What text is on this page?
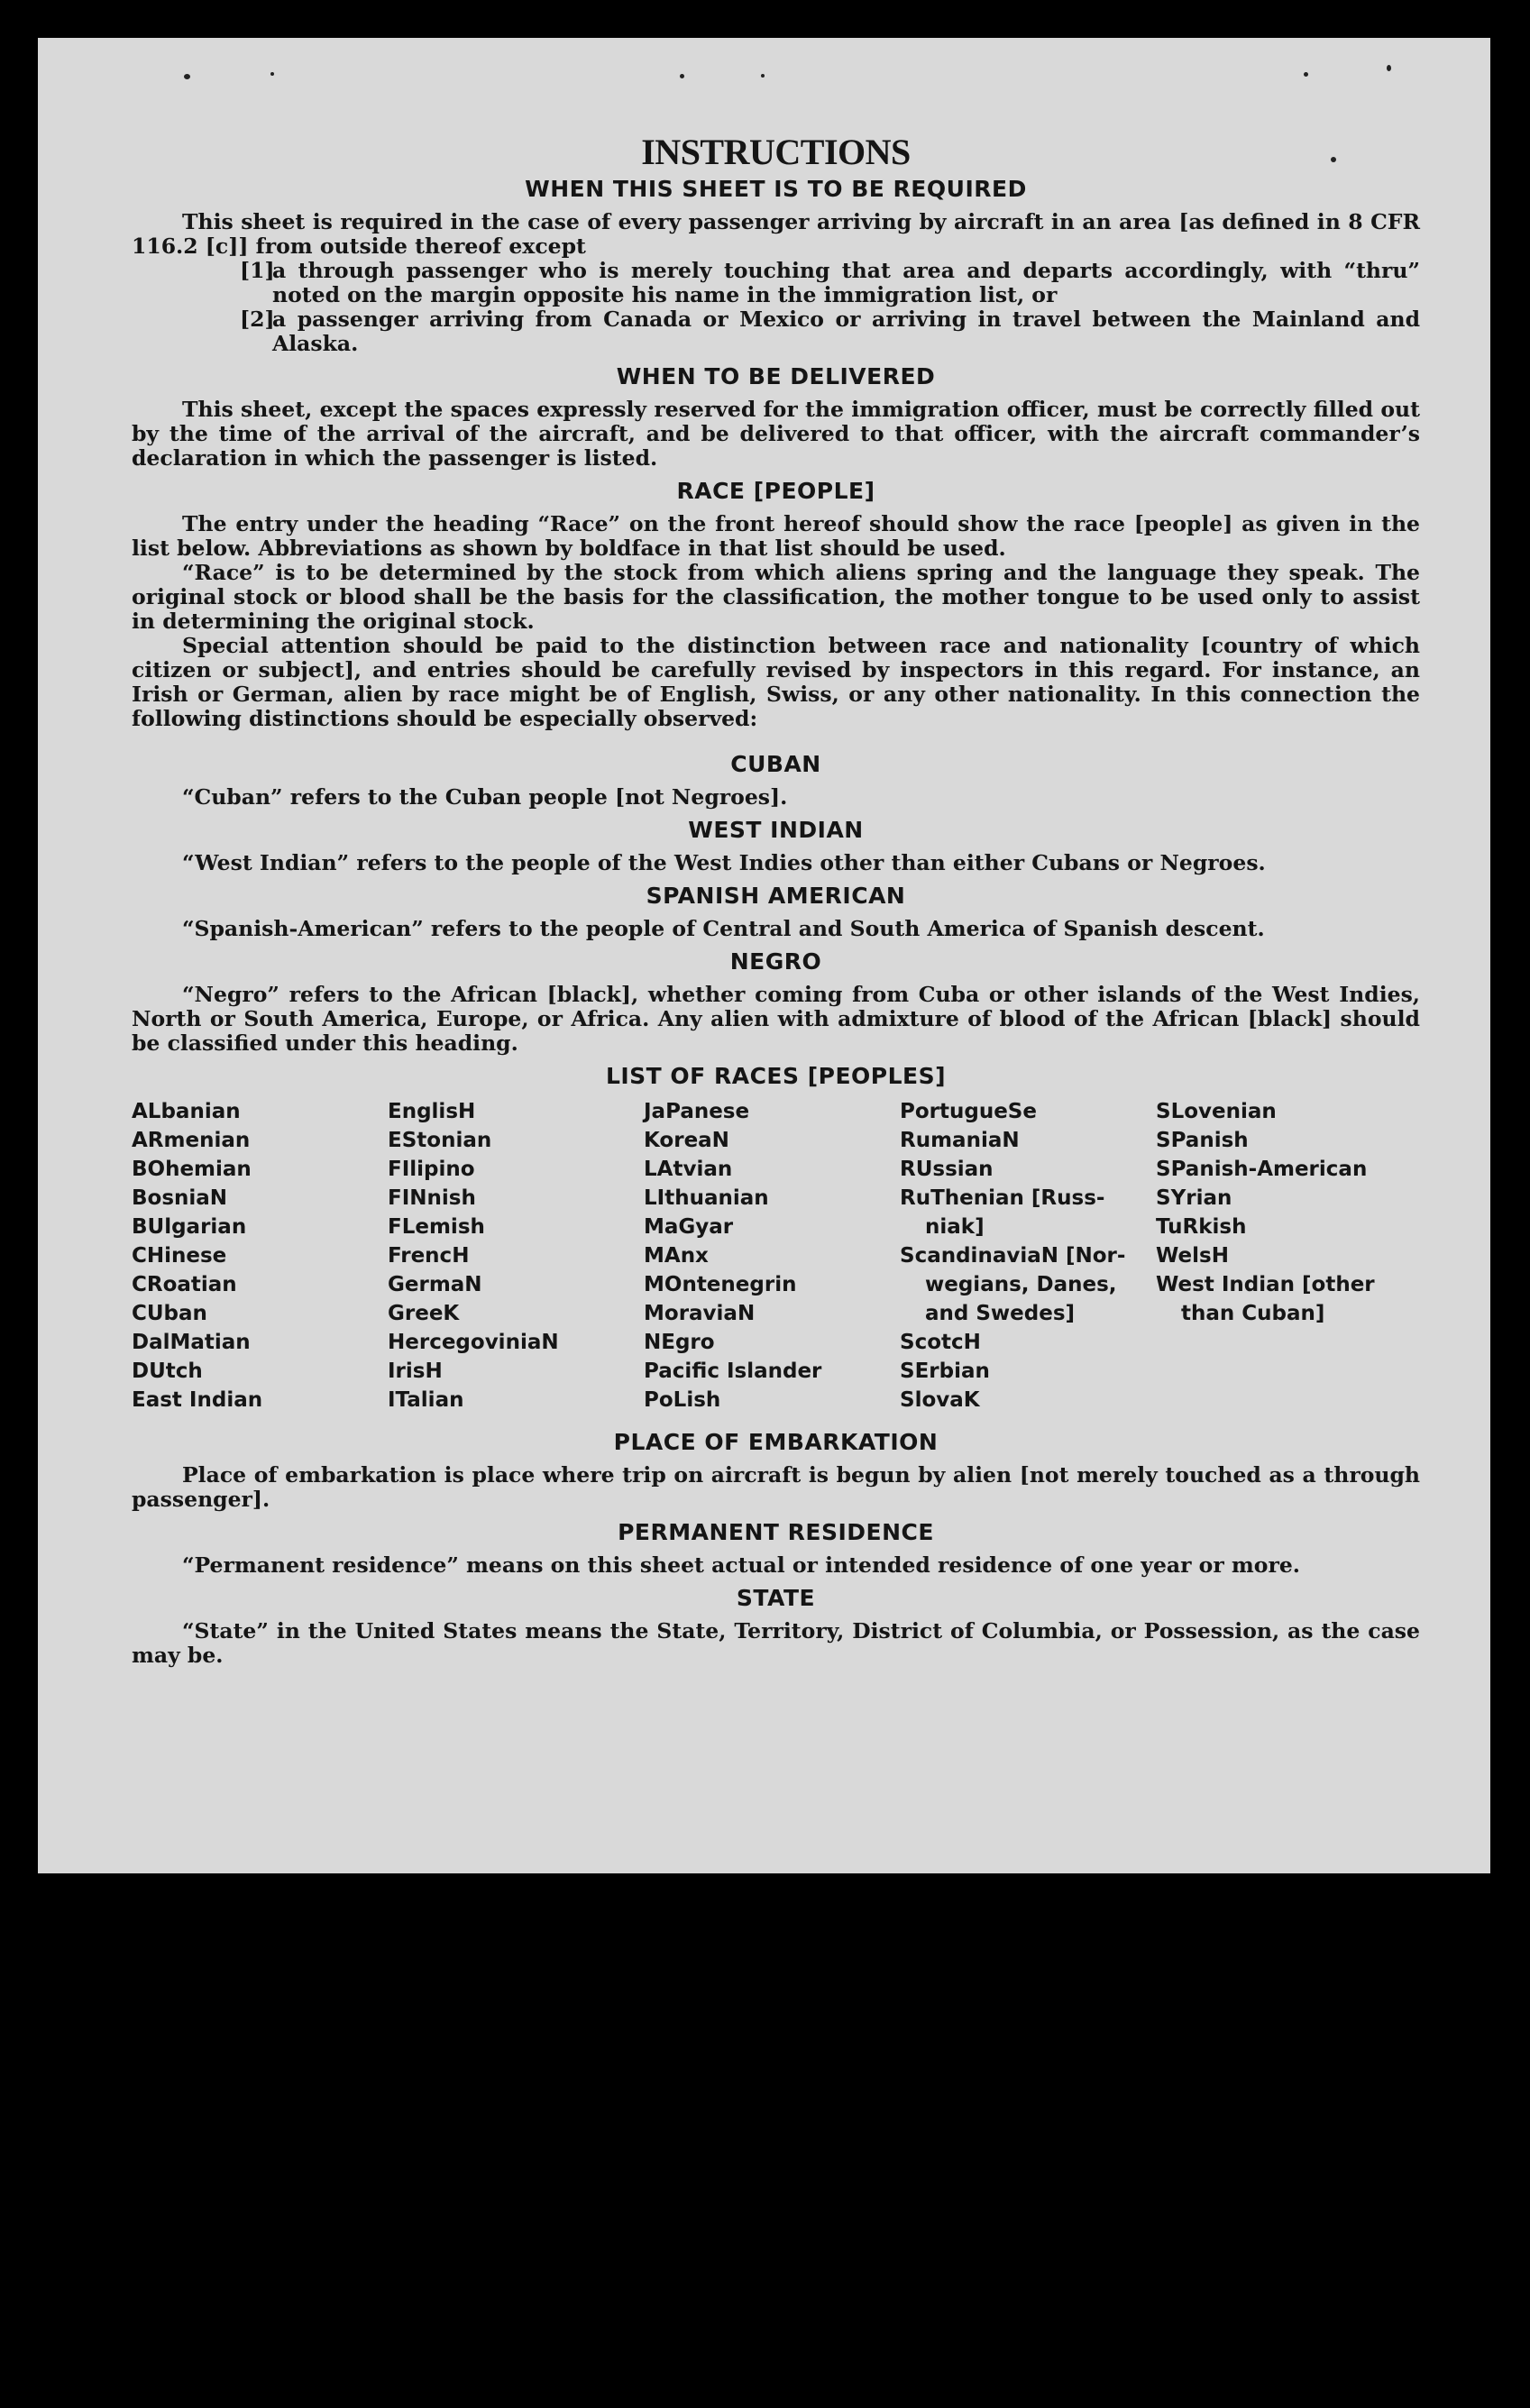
INSTRUCTIONS
WHEN THIS SHEET IS TO BE REQUIRED

This sheet is required in the case of every passenger arriving by aircraft in an area [as defined in 8 CFR 116.2 [c]] from outside thereof except

[1]
a through passenger who is merely touching that area and departs accordingly, with “thru” noted on the margin opposite his name in the immigration list, or
[2]
a passenger arriving from Canada or Mexico or arriving in travel between the Mainland and Alaska.
WHEN TO BE DELIVERED

This sheet, except the spaces expressly reserved for the immigration officer, must be correctly filled out by the time of the arrival of the aircraft, and be delivered to that officer, with the aircraft commander’s declaration in which the passenger is listed.

RACE [PEOPLE]

The entry under the heading “Race” on the front hereof should show the race [people] as given in the list below. Abbreviations as shown by boldface in that list should be used.

“Race” is to be determined by the stock from which aliens spring and the language they speak. The original stock or blood shall be the basis for the classification, the mother tongue to be used only to assist in determining the original stock.

Special attention should be paid to the distinction between race and nationality [country of which citizen or subject], and entries should be carefully revised by inspectors in this regard. For instance, an Irish or German, alien by race might be of English, Swiss, or any other nationality. In this connection the following distinctions should be especially observed:

CUBAN

“Cuban” refers to the Cuban people [not Negroes].

WEST INDIAN

“West Indian” refers to the people of the West Indies other than either Cubans or Negroes.

SPANISH AMERICAN

“Spanish-American” refers to the people of Central and South America of Spanish descent.

NEGRO

“Negro” refers to the African [black], whether coming from Cuba or other islands of the West Indies, North or South America, Europe, or Africa. Any alien with admixture of blood of the African [black] should be classified under this heading.

LIST OF RACES [PEOPLES]
ALbanian
ARmenian
BOhemian
BosniaN
BUlgarian
CHinese
CRoatian
CUban
DalMatian
DUtch
East Indian
EnglisH
EStonian
FIlipino
FINnish
FLemish
FrencH
GermaN
GreeK
HercegoviniaN
IrisH
ITalian
JaPanese
KoreaN
LAtvian
LIthuanian
MaGyar
MAnx
MOntenegrin
MoraviaN
NEgro
Pacific Islander
PoLish
PortugueSe
RumaniaN
RUssian
RuThenian [Russ-
niak]
ScandinaviaN [Nor-
wegians, Danes,
and Swedes]
ScotcH
SErbian
SlovaK
SLovenian
SPanish
SPanish-American
SYrian
TuRkish
WelsH
West Indian [other
than Cuban]
PLACE OF EMBARKATION

Place of embarkation is place where trip on aircraft is begun by alien [not merely touched as a through passenger].

PERMANENT RESIDENCE

“Permanent residence” means on this sheet actual or intended residence of one year or more.

STATE

“State” in the United States means the State, Territory, District of Columbia, or Possession, as the case may be.
